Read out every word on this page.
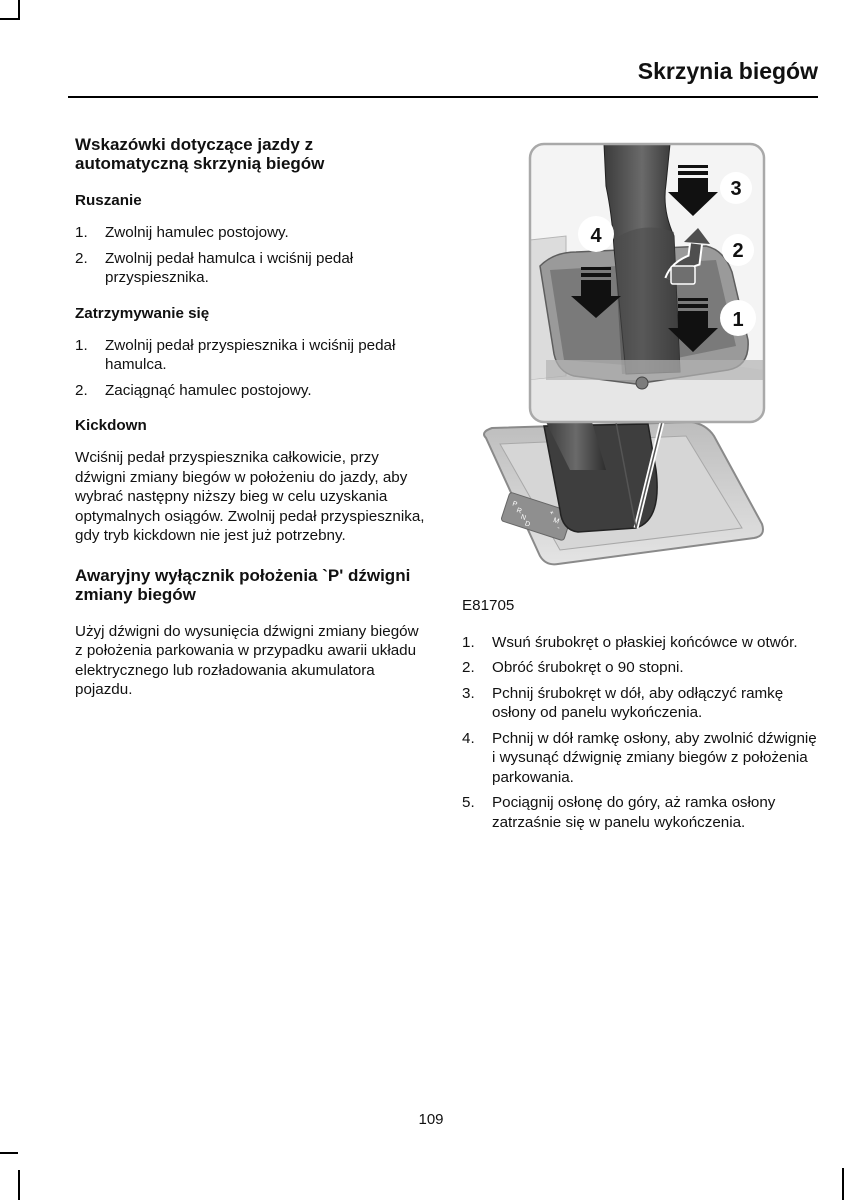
Skrzynia biegów
Wskazówki dotyczące jazdy z automatyczną skrzynią biegów
Ruszanie
1. Zwolnij hamulec postojowy.
2. Zwolnij pedał hamulca i wciśnij pedał przyspiesznika.
Zatrzymywanie się
1. Zwolnij pedał przyspiesznika i wciśnij pedał hamulca.
2. Zaciągnąć hamulec postojowy.
Kickdown

Wciśnij pedał przyspiesznika całkowicie, przy dźwigni zmiany biegów w położeniu do jazdy, aby wybrać następny niższy bieg w celu uzyskania optymalnych osiągów. Zwolnij pedał przyspiesznika, gdy tryb kickdown nie jest już potrzebny.

Awaryjny wyłącznik położenia `P' dźwigni zmiany biegów

Użyj dźwigni do wysunięcia dźwigni zmiany biegów z położenia parkowania w przypadku awarii układu elektrycznego lub rozładowania akumulatora pojazdu.

P
R
N
D
+
M
-
3
2
1
4

E81705

1. Wsuń śrubokręt o płaskiej końcówce w otwór.
2. Obróć śrubokręt o 90 stopni.
3. Pchnij śrubokręt w dół, aby odłączyć ramkę osłony od panelu wykończenia.
4. Pchnij w dół ramkę osłony, aby zwolnić dźwignię i wysunąć dźwignię zmiany biegów z położenia parkowania.
5. Pociągnij osłonę do góry, aż ramka osłony zatrzaśnie się w panelu wykończenia.
109
